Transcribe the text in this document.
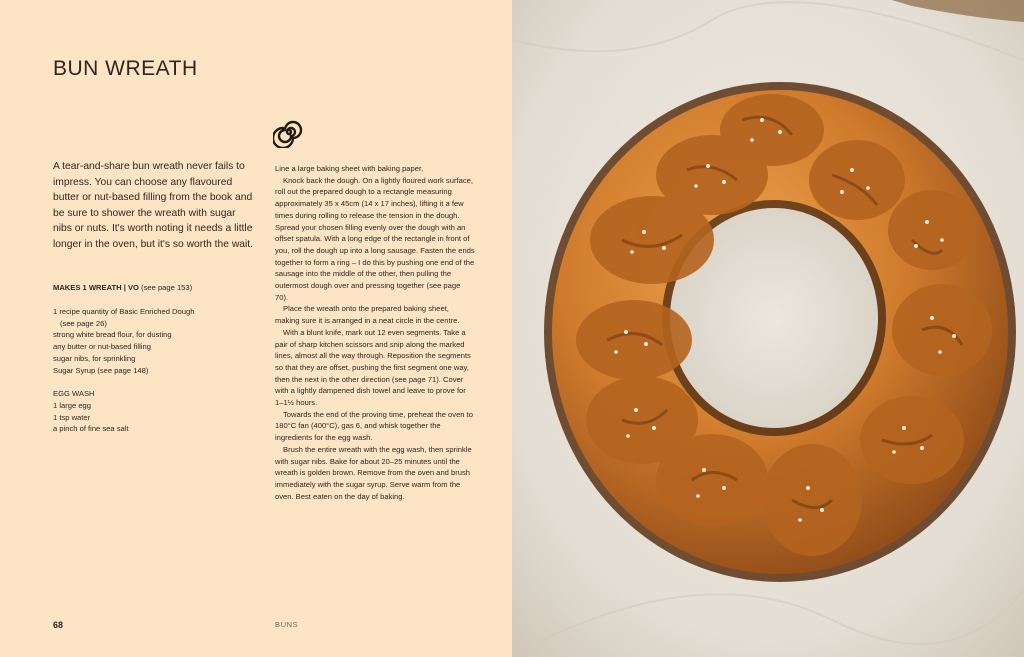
BUN WREATH
A tear-and-share bun wreath never fails to impress. You can choose any flavoured butter or nut-based filling from the book and be sure to shower the wreath with sugar nibs or nuts. It's worth noting it needs a little longer in the oven, but it's so worth the wait.
MAKES 1 WREATH | VO (see page 153)
1 recipe quantity of Basic Enriched Dough
(see page 26)
strong white bread flour, for dusting
any butter or nut-based filling
sugar nibs, for sprinkling
Sugar Syrup (see page 148)
EGG WASH
1 large egg
1 tsp water
a pinch of fine sea salt

Line a large baking sheet with baking paper.

Knock back the dough. On a lightly floured work surface, roll out the prepared dough to a rectangle measuring approximately 35 x 45cm (14 x 17 inches), lifting it a few times during rolling to release the tension in the dough. Spread your chosen filling evenly over the dough with an offset spatula. With a long edge of the rectangle in front of you, roll the dough up into a long sausage. Fasten the ends together to form a ring – I do this by pushing one end of the sausage into the middle of the other, then pulling the outermost dough over and pressing together (see page 70).

Place the wreath onto the prepared baking sheet, making sure it is arranged in a neat circle in the centre.

With a blunt knife, mark out 12 even segments. Take a pair of sharp kitchen scissors and snip along the marked lines, almost all the way through. Reposition the segments so that they are offset, pushing the first segment one way, then the next in the other direction (see page 71). Cover with a lightly dampened dish towel and leave to prove for 1–1½ hours.

Towards the end of the proving time, preheat the oven to 180°C fan (400°C), gas 6, and whisk together the ingredients for the egg wash.

Brush the entire wreath with the egg wash, then sprinkle with sugar nibs. Bake for about 20–25 minutes until the wreath is golden brown. Remove from the oven and brush immediately with the sugar syrup. Serve warm from the oven. Best eaten on the day of baking.

68	BUNS
